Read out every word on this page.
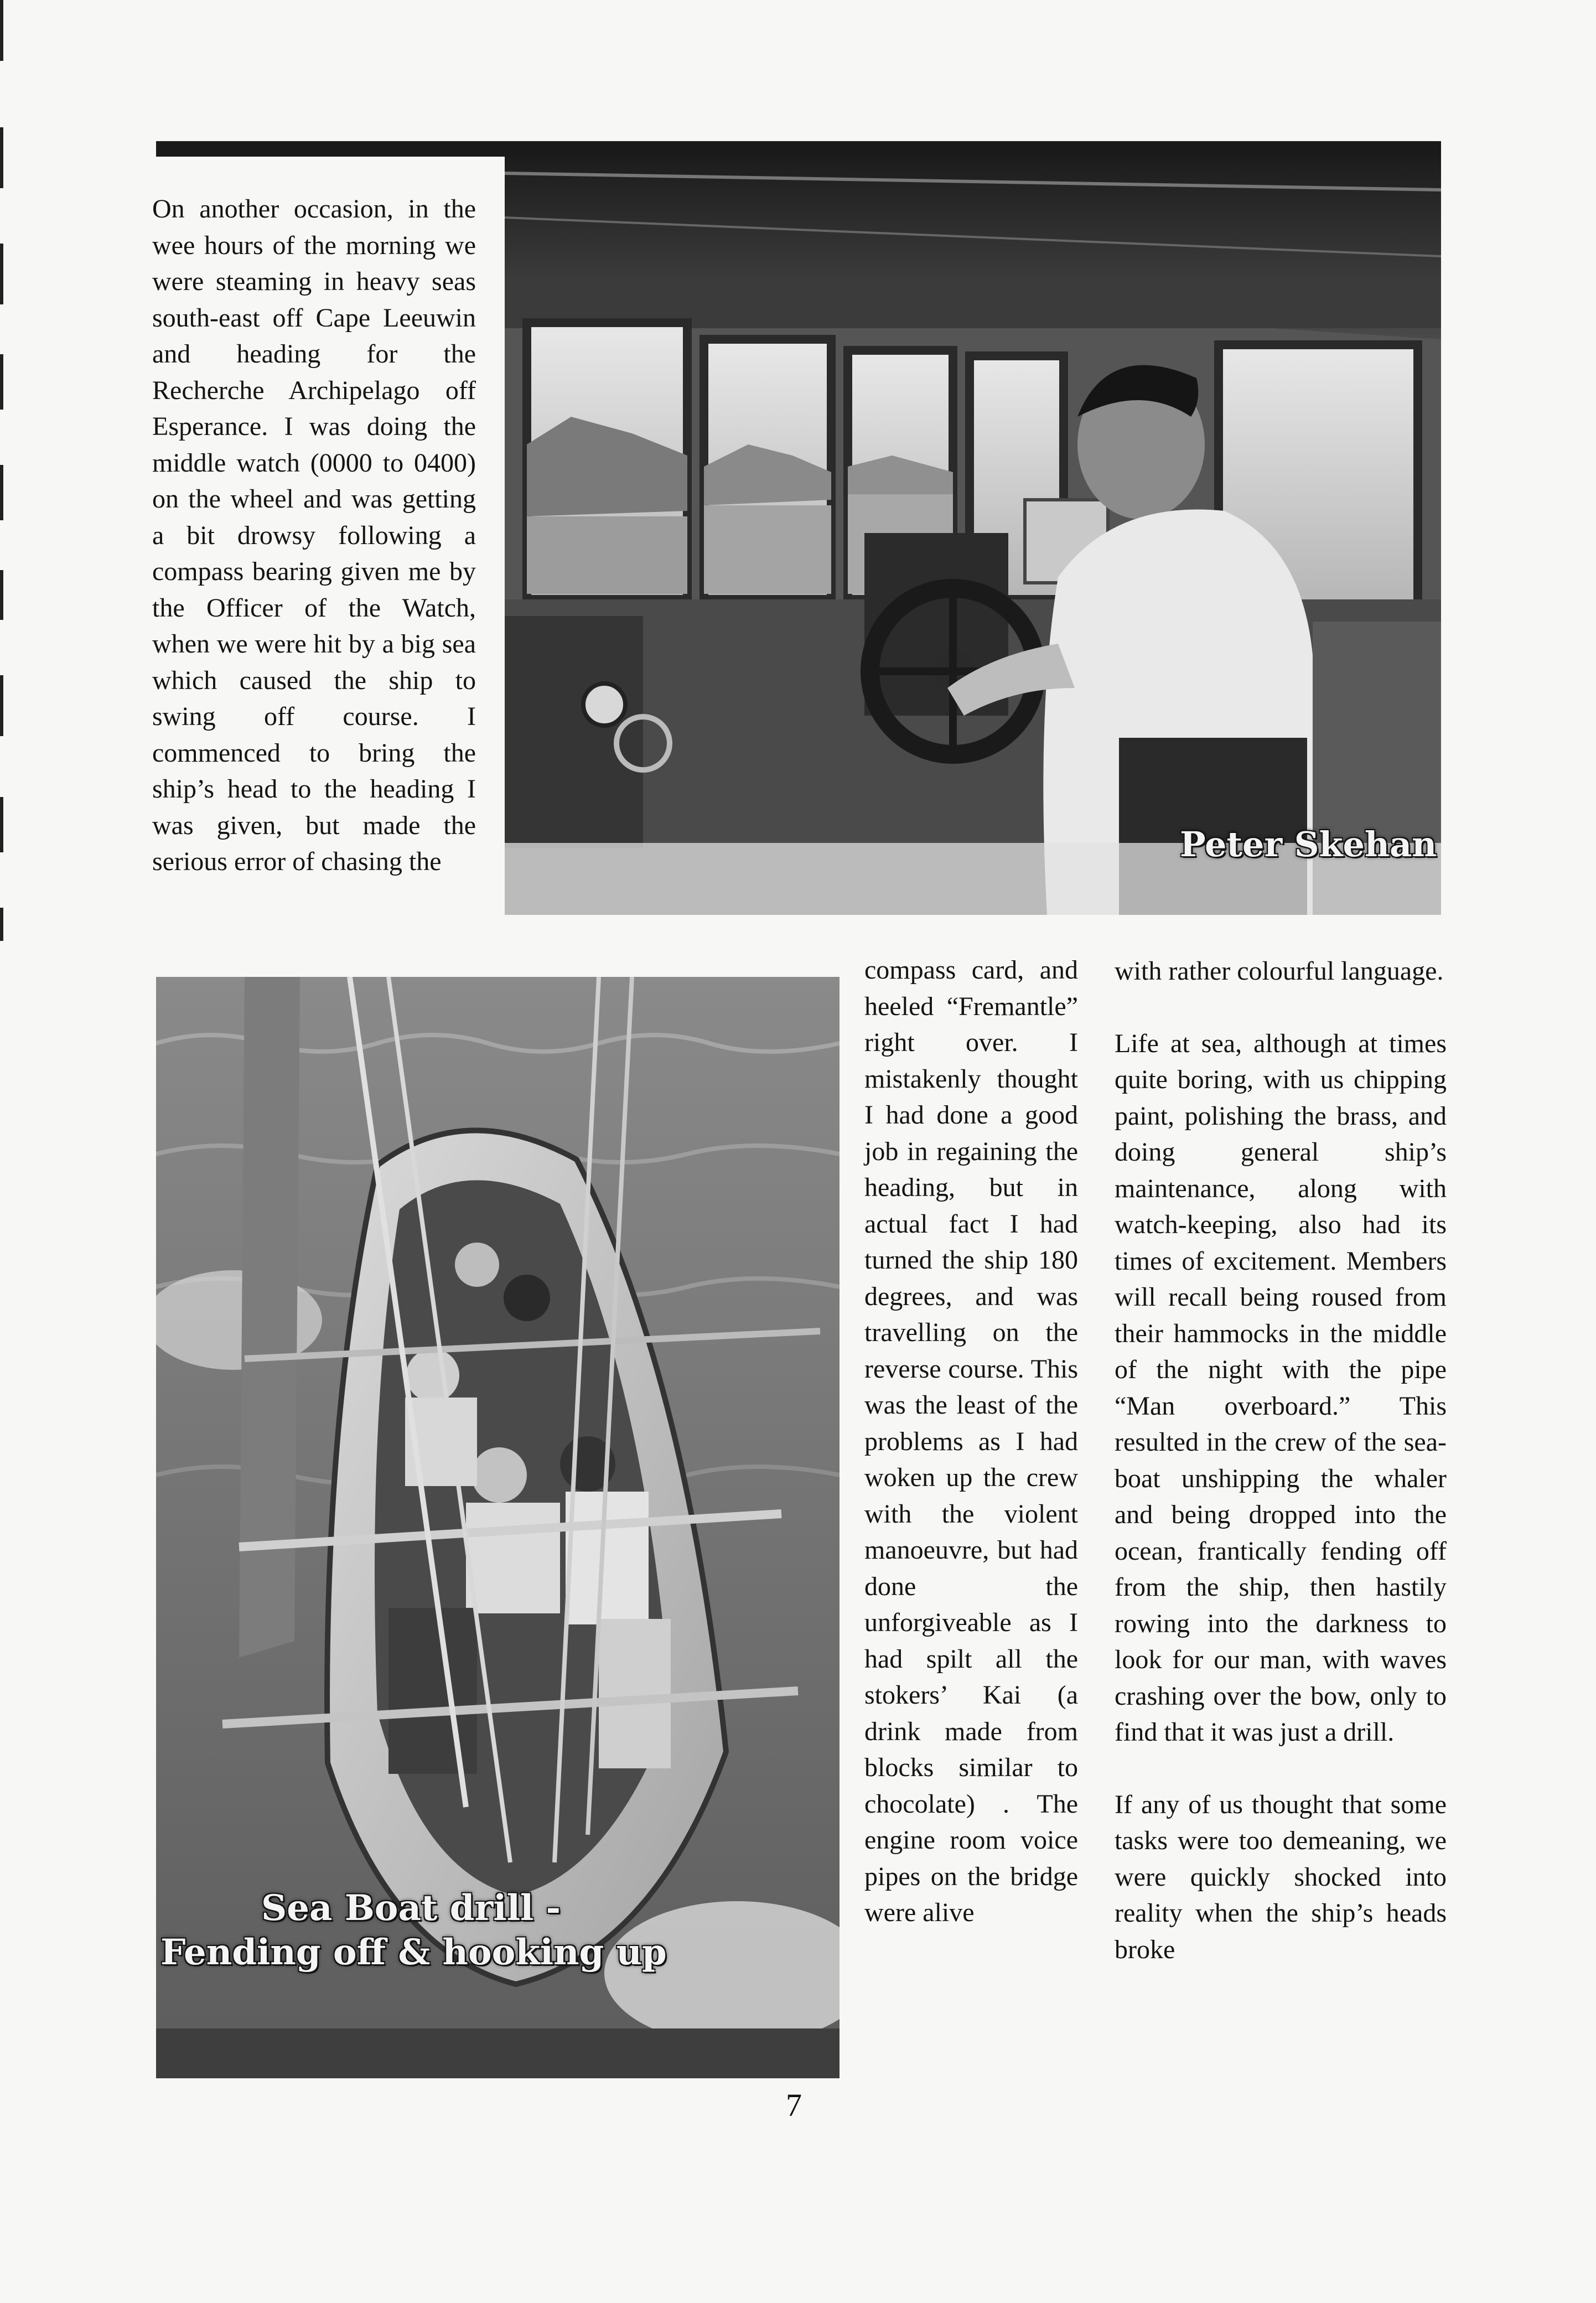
On another occasion, in the wee hours of the morning we were steaming in heavy seas south-east off Cape Leeuwin and heading for the Recherche Archipelago off Esperance. I was doing the middle watch (0000 to 0400) on the wheel and was getting a bit drowsy following a compass bearing given me by the Officer of the Watch, when we were hit by a big sea which caused the ship to swing off course. I commenced to bring the ship’s head to the heading I was given, but made the serious error of chasing the	Peter Skehan
Sea Boat drill -
Fending off & hooking up

compass card, and heeled “Fremantle” right over. I mistakenly thought I had done a good job in regaining the heading, but in actual fact I had turned the ship 180 degrees, and was travelling on the reverse course. This was the least of the problems as I had woken up the crew with the violent manoeuvre, but had done the unforgiveable as I had spilt all the stokers’ Kai (a drink made from blocks similar to chocolate) . The engine room voice pipes on the bridge were alive

with rather colourful language.

Life at sea, although at times quite boring, with us chipping paint, polishing the brass, and doing general ship’s maintenance, along with watch-keeping, also had its times of excitement. Members will recall being roused from their hammocks in the middle of the night with the pipe “Man overboard.” This resulted in the crew of the sea-boat unshipping the whaler and being dropped into the ocean, frantically fending off from the ship, then hastily rowing into the darkness to look for our man, with waves crashing over the bow, only to find that it was just a drill.

If any of us thought that some tasks were too demeaning, we were quickly shocked into reality when the ship’s heads broke

7
